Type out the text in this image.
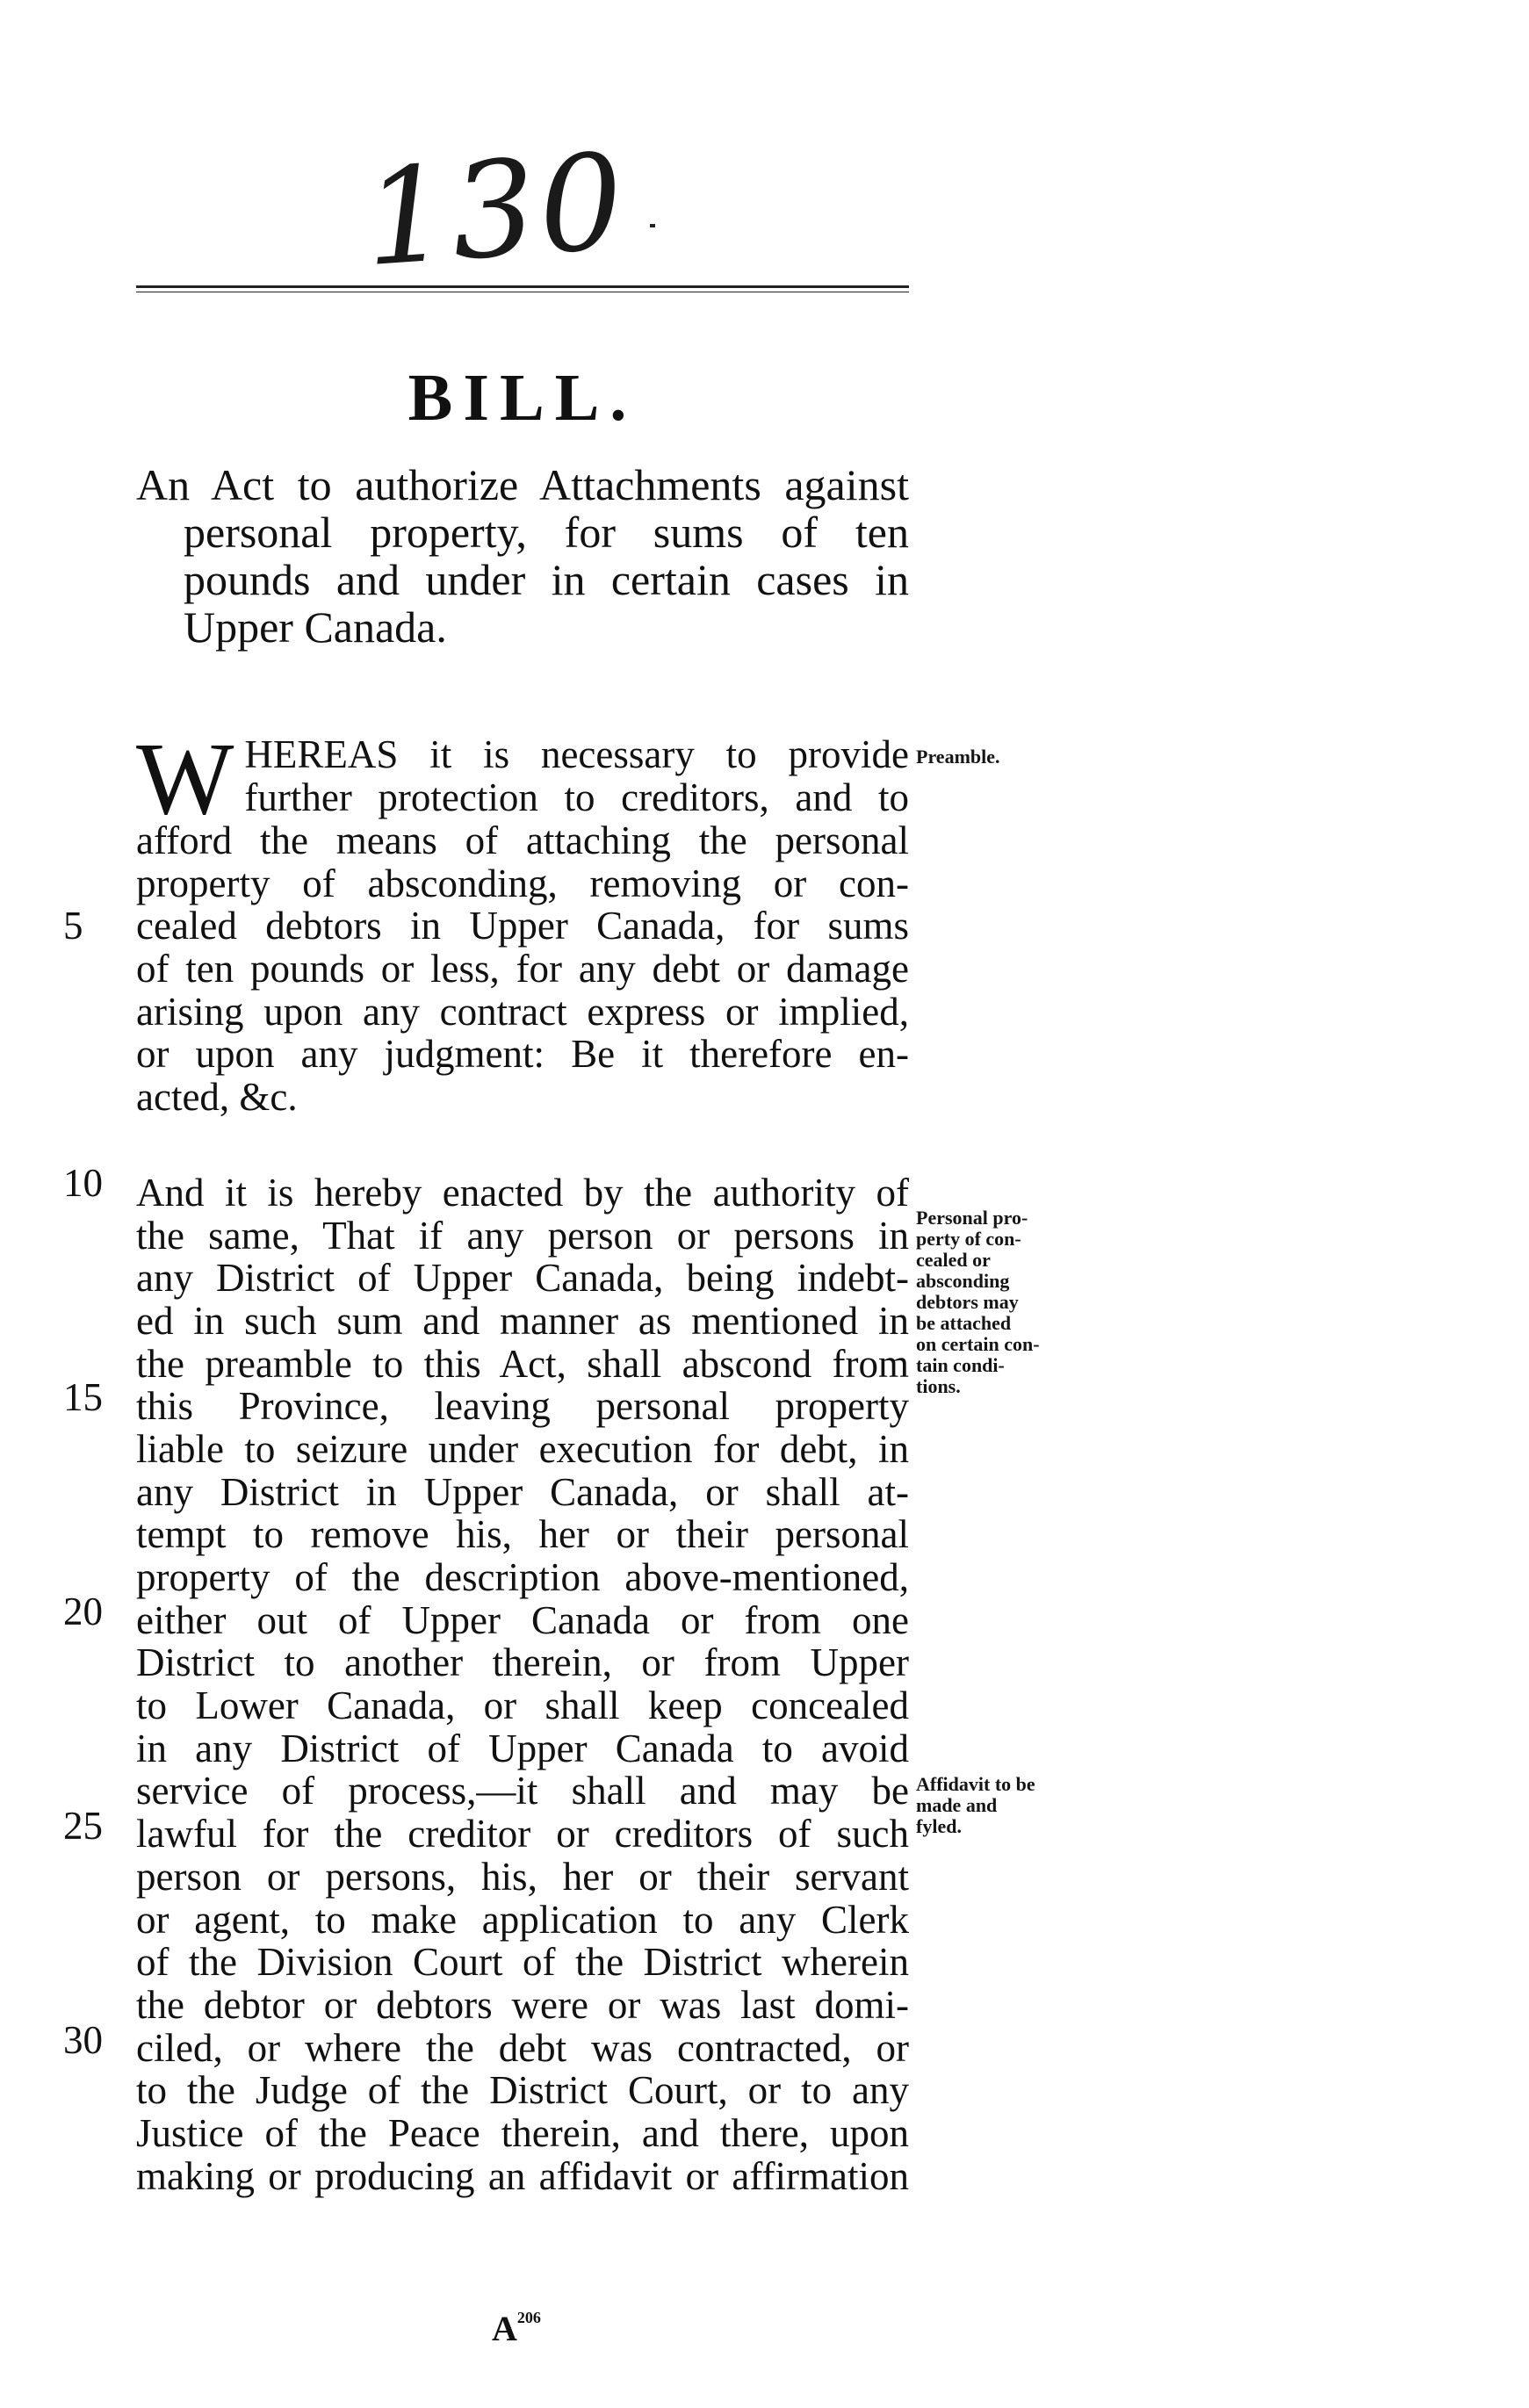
130
BILL.
An Act to authorize Attachments against personal property, for sums of ten pounds and under in certain cases in Upper Canada.
5
10
15
20
25
30
Preamble.
Personal pro-
perty of con-
cealed or
absconding
debtors may
be attached
on certain con-
tain condi-
tions.
Affidavit to be
made and
fyled.
W HEREAS it is necessary to provide
further protection to creditors, and to
afford the means of attaching the personal
property of absconding, removing or con-
cealed debtors in Upper Canada, for sums
of ten pounds or less, for any debt or damage
arising upon any contract express or implied,
or upon any judgment: Be it therefore en-
acted, &c.
And it is hereby enacted by the authority of
the same, That if any person or persons in
any District of Upper Canada, being indebt-
ed in such sum and manner as mentioned in
the preamble to this Act, shall abscond from
this Province, leaving personal property
liable to seizure under execution for debt, in
any District in Upper Canada, or shall at-
tempt to remove his, her or their personal
property of the description above-mentioned,
either out of Upper Canada or from one
District to another therein, or from Upper
to Lower Canada, or shall keep concealed
in any District of Upper Canada to avoid
service of process,—it shall and may be
lawful for the creditor or creditors of such
person or persons, his, her or their servant
or agent, to make application to any Clerk
of the Division Court of the District wherein
the debtor or debtors were or was last domi-
ciled, or where the debt was contracted, or
to the Judge of the District Court, or to any
Justice of the Peace therein, and there, upon
making or producing an affidavit or affirmation
$A^{206}$
